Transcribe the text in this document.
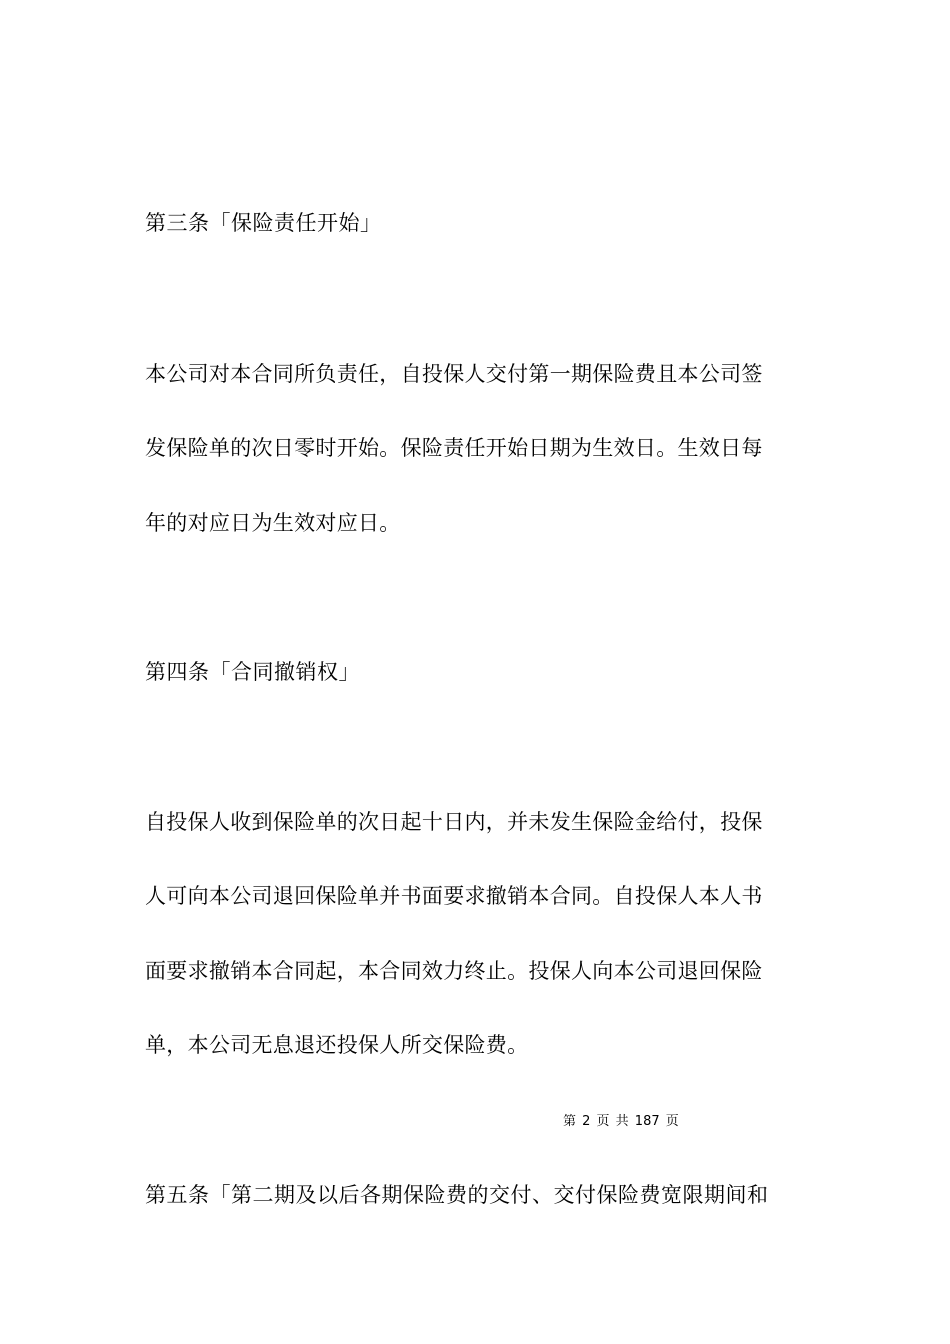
第三条「保险责任开始」
本公司对本合同所负责任，自投保人交付第一期保险费且本公司签
发保险单的次日零时开始。保险责任开始日期为生效日。生效日每
年的对应日为生效对应日。
第四条「合同撤销权」
自投保人收到保险单的次日起十日内，并未发生保险金给付，投保
人可向本公司退回保险单并书面要求撤销本合同。自投保人本人书
面要求撤销本合同起，本合同效力终止。投保人向本公司退回保险
单，本公司无息退还投保人所交保险费。
第 2 页 共 187 页
第五条「第二期及以后各期保险费的交付、交付保险费宽限期间和
